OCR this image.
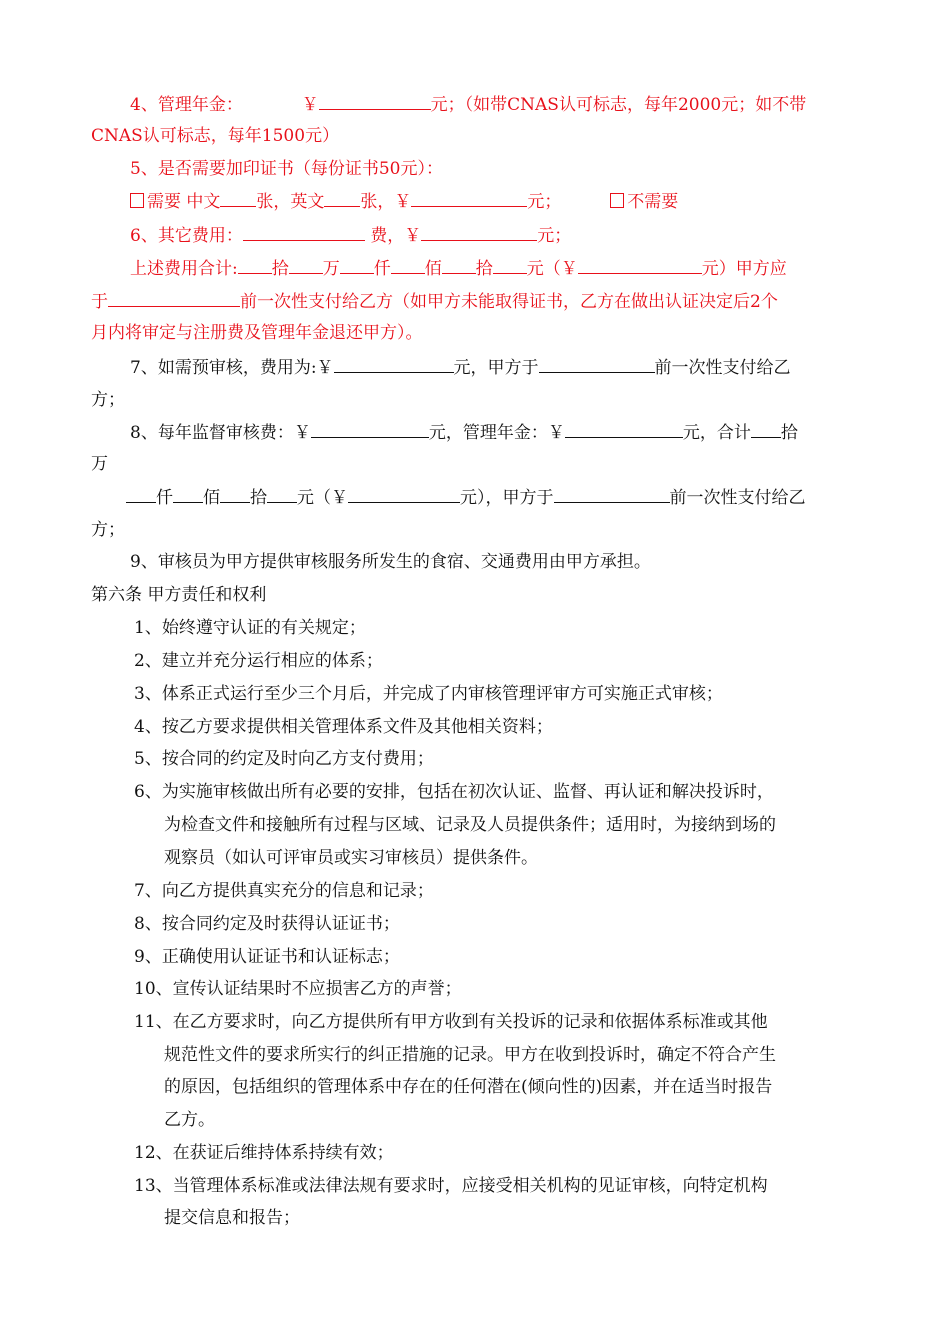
4、管理年金：	￥	元；（如带CNAS认可标志，每年2000元；如不带
CNAS认可标志，每年1500元）
5、是否需要加印证书（每份证书50元）：
需要 中文 张，英文 张，￥	元；	不需要
6、其它费用：	费，￥	元；
上述费用合计: 拾 万 仟 佰 拾 元（￥	元）甲方应
于	前一次性支付给乙方（如甲方未能取得证书，乙方在做出认证决定后2个
月内将审定与注册费及管理年金退还甲方）。
7、如需预审核，费用为:￥	元，甲方于	前一次性支付给乙
方；
8、每年监督审核费：￥	元，管理年金：￥	元，合计 拾
万
仟 佰 拾 元（￥	元），甲方于	前一次性支付给乙
方；
9、审核员为甲方提供审核服务所发生的食宿、交通费用由甲方承担。
第六条 甲方责任和权利
1、始终遵守认证的有关规定；
2、建立并充分运行相应的体系；
3、体系正式运行至少三个月后，并完成了内审核管理评审方可实施正式审核；
4、按乙方要求提供相关管理体系文件及其他相关资料；
5、按合同的约定及时向乙方支付费用；
6、为实施审核做出所有必要的安排，包括在初次认证、监督、再认证和解决投诉时，
为检查文件和接触所有过程与区域、记录及人员提供条件；适用时，为接纳到场的
观察员（如认可评审员或实习审核员）提供条件。
7、向乙方提供真实充分的信息和记录；
8、按合同约定及时获得认证证书；
9、正确使用认证证书和认证标志；
10、宣传认证结果时不应损害乙方的声誉；
11、在乙方要求时，向乙方提供所有甲方收到有关投诉的记录和依据体系标准或其他
规范性文件的要求所实行的纠正措施的记录。甲方在收到投诉时，确定不符合产生
的原因，包括组织的管理体系中存在的任何潜在(倾向性的)因素，并在适当时报告
乙方。
12、在获证后维持体系持续有效；
13、当管理体系标准或法律法规有要求时，应接受相关机构的见证审核，向特定机构
提交信息和报告；
